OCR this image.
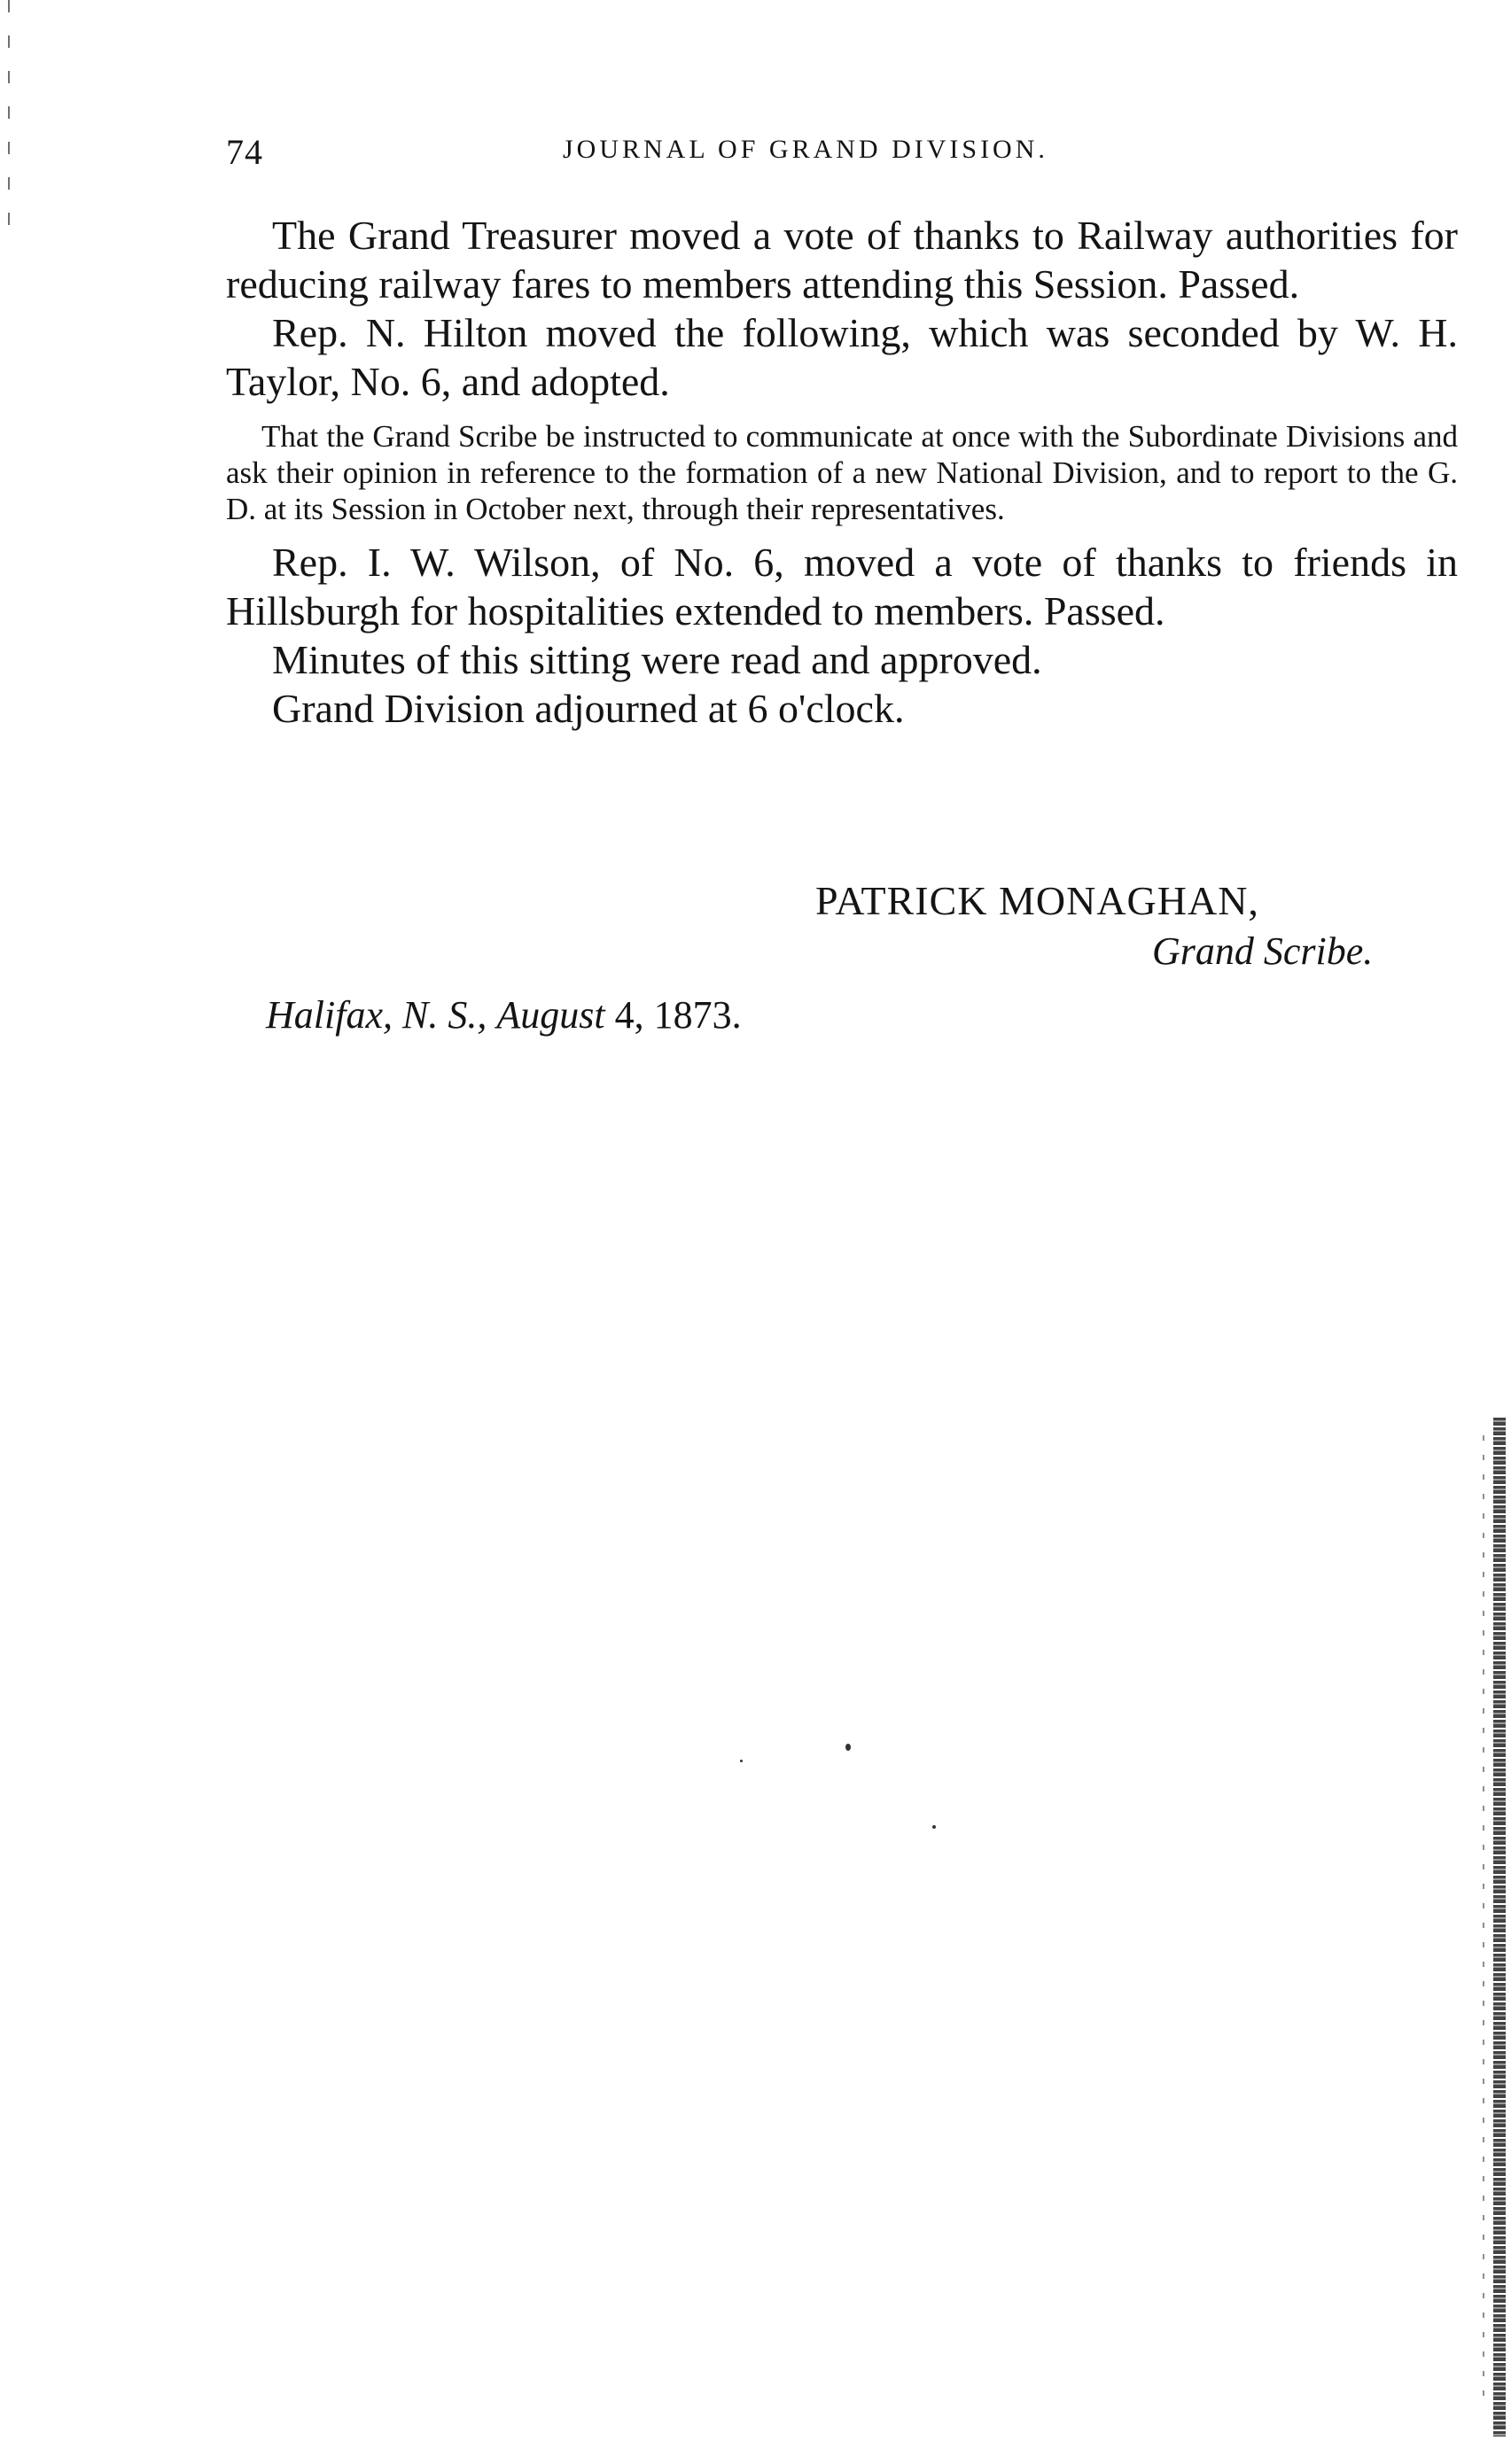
74	JOURNAL OF GRAND DIVISION.

The Grand Treasurer moved a vote of thanks to Railway authorities for reducing railway fares to members attending this Session. Passed.

Rep. N. Hilton moved the following, which was seconded by W. H. Taylor, No. 6, and adopted.

That the Grand Scribe be instructed to communicate at once with the Subordinate Divisions and ask their opinion in reference to the formation of a new National Division, and to report to the G. D. at its Session in October next, through their representatives.

Rep. I. W. Wilson, of No. 6, moved a vote of thanks to friends in Hillsburgh for hospitalities extended to members. Passed.

Minutes of this sitting were read and approved.

Grand Division adjourned at 6 o'clock.

PATRICK MONAGHAN,
Grand Scribe.
Halifax, N. S., August 4, 1873.
